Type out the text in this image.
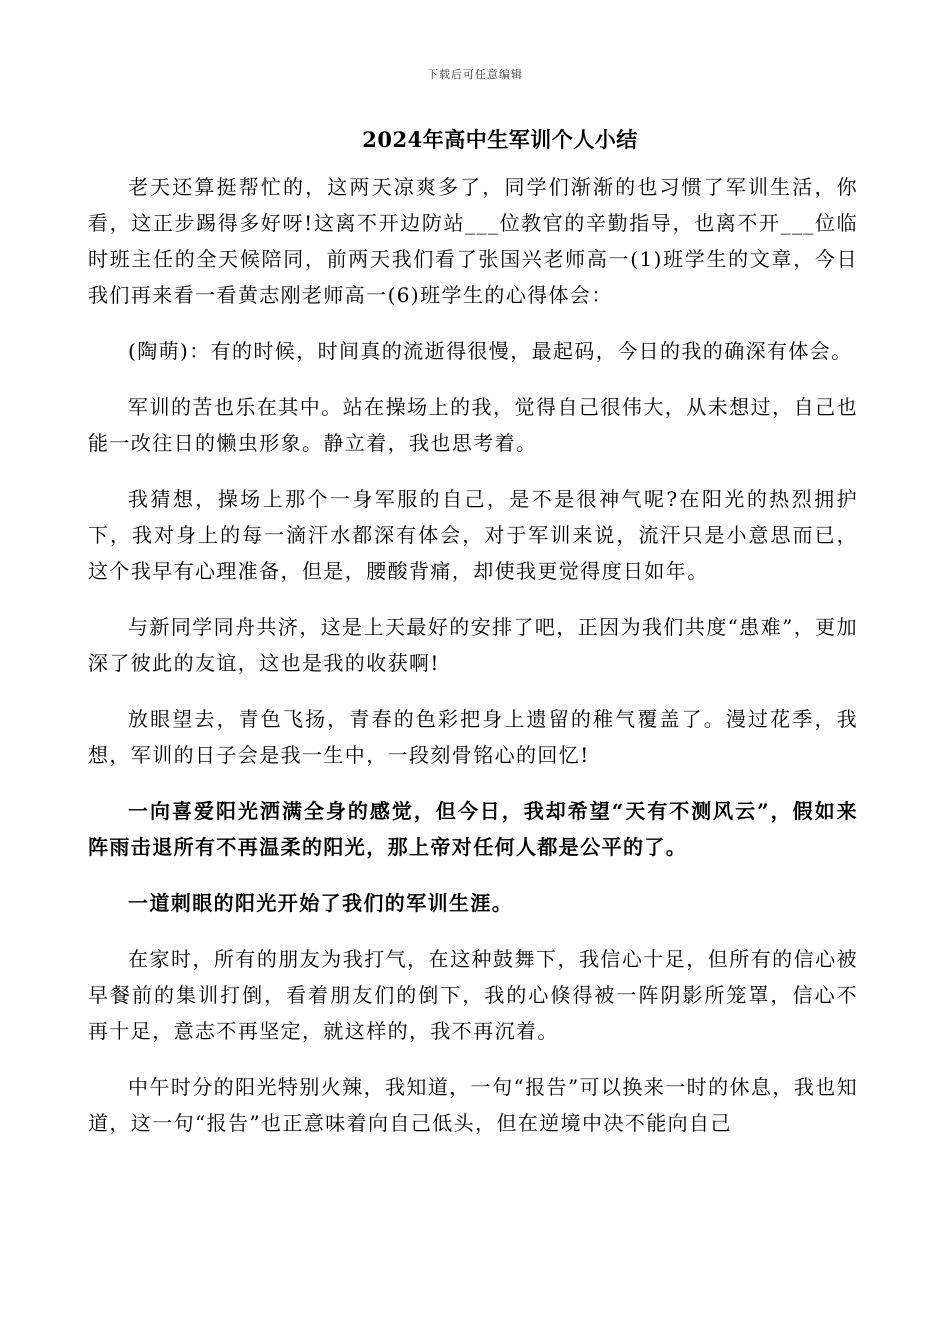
下载后可任意编辑
2024年高中生军训个人小结

老天还算挺帮忙的，这两天凉爽多了，同学们渐渐的也习惯了军训生活，你看，这正步踢得多好呀!这离不开边防站___位教官的辛勤指导，也离不开___位临时班主任的全天候陪同，前两天我们看了张国兴老师高一(1)班学生的文章，今日我们再来看一看黄志刚老师高一(6)班学生的心得体会：

(陶萌)：有的时候，时间真的流逝得很慢，最起码，今日的我的确深有体会。

军训的苦也乐在其中。站在操场上的我，觉得自己很伟大，从未想过，自己也能一改往日的懒虫形象。静立着，我也思考着。

我猜想，操场上那个一身军服的自己，是不是很神气呢?在阳光的热烈拥护下，我对身上的每一滴汗水都深有体会，对于军训来说，流汗只是小意思而已，这个我早有心理准备，但是，腰酸背痛，却使我更觉得度日如年。

与新同学同舟共济，这是上天最好的安排了吧，正因为我们共度“患难”，更加深了彼此的友谊，这也是我的收获啊!

放眼望去，青色飞扬，青春的色彩把身上遗留的稚气覆盖了。漫过花季，我想，军训的日子会是我一生中，一段刻骨铭心的回忆!

一向喜爱阳光洒满全身的感觉，但今日，我却希望“天有不测风云”，假如来阵雨击退所有不再温柔的阳光，那上帝对任何人都是公平的了。

一道刺眼的阳光开始了我们的军训生涯。

在家时，所有的朋友为我打气，在这种鼓舞下，我信心十足，但所有的信心被早餐前的集训打倒，看着朋友们的倒下，我的心倏得被一阵阴影所笼罩，信心不再十足，意志不再坚定，就这样的，我不再沉着。

中午时分的阳光特别火辣，我知道，一句“报告”可以换来一时的休息，我也知道，这一句“报告”也正意味着向自己低头，但在逆境中决不能向自己
